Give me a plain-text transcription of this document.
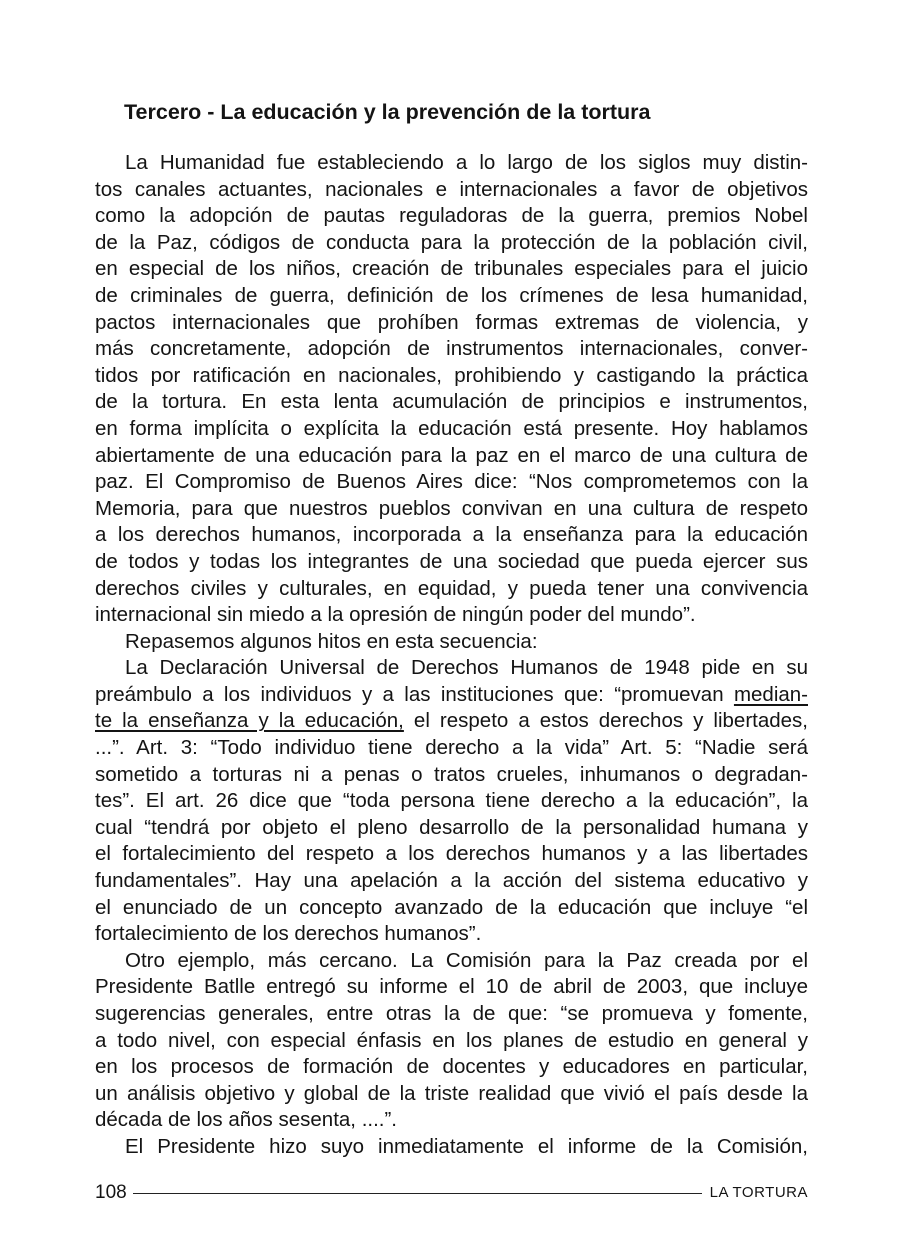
Tercero - La educación y la prevención de la tortura
La Humanidad fue estableciendo a lo largo de los siglos muy distin-
tos canales actuantes, nacionales e internacionales a favor de objetivos
como la adopción de pautas reguladoras de la guerra, premios Nobel
de la Paz, códigos de conducta para la protección de la población civil,
en especial de los niños, creación de tribunales especiales para el juicio
de criminales de guerra, definición de los crímenes de lesa humanidad,
pactos internacionales que prohíben formas extremas de violencia, y
más concretamente, adopción de instrumentos internacionales, conver-
tidos por ratificación en nacionales, prohibiendo y castigando la práctica
de la tortura. En esta lenta acumulación de principios e instrumentos,
en forma implícita o explícita la educación está presente. Hoy hablamos
abiertamente de una educación para la paz en el marco de una cultura de
paz. El Compromiso de Buenos Aires dice: “Nos comprometemos con la
Memoria, para que nuestros pueblos convivan en una cultura de respeto
a los derechos humanos, incorporada a la enseñanza para la educación
de todos y todas los integrantes de una sociedad que pueda ejercer sus
derechos civiles y culturales, en equidad, y pueda tener una convivencia
internacional sin miedo a la opresión de ningún poder del mundo”.
Repasemos algunos hitos en esta secuencia:
La Declaración Universal de Derechos Humanos de 1948 pide en su
preámbulo a los individuos y a las instituciones que: “promuevan median-
te la enseñanza y la educación, el respeto a estos derechos y libertades,
...”. Art. 3: “Todo individuo tiene derecho a la vida” Art. 5: “Nadie será
sometido a torturas ni a penas o tratos crueles, inhumanos o degradan-
tes”. El art. 26 dice que “toda persona tiene derecho a la educación”, la
cual “tendrá por objeto el pleno desarrollo de la personalidad humana y
el fortalecimiento del respeto a los derechos humanos y a las libertades
fundamentales”. Hay una apelación a la acción del sistema educativo y
el enunciado de un concepto avanzado de la educación que incluye “el
fortalecimiento de los derechos humanos”.
Otro ejemplo, más cercano. La Comisión para la Paz creada por el
Presidente Batlle entregó su informe el 10 de abril de 2003, que incluye
sugerencias generales, entre otras la de que: “se promueva y fomente,
a todo nivel, con especial énfasis en los planes de estudio en general y
en los procesos de formación de docentes y educadores en particular,
un análisis objetivo y global de la triste realidad que vivió el país desde la
década de los años sesenta, ....”.
El Presidente hizo suyo inmediatamente el informe de la Comisión,
108	LA TORTURA
